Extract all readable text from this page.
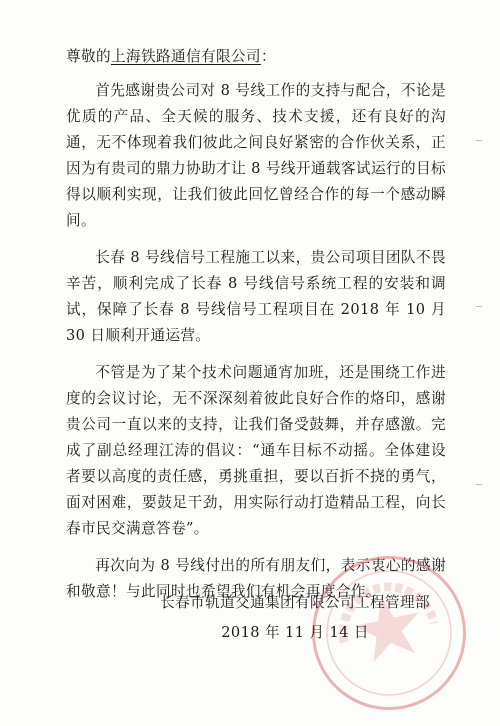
尊敬的上海铁路通信有限公司：

首先感谢贵公司对 8 号线工作的支持与配合，不论是优质的产品、全天候的服务、技术支援，还有良好的沟通，无不体现着我们彼此之间良好紧密的合作伙关系，正因为有贵司的鼎力协助才让 8 号线开通载客试运行的目标得以顺利实现，让我们彼此回忆曾经合作的每一个感动瞬间。

长春 8 号线信号工程施工以来，贵公司项目团队不畏辛苦，顺利完成了长春 8 号线信号系统工程的安装和调试，保障了长春 8 号线信号工程项目在 2018 年 10 月 30 日顺利开通运营。

不管是为了某个技术问题通宵加班，还是围绕工作进度的会议讨论，无不深深刻着彼此良好合作的烙印，感谢贵公司一直以来的支持，让我们备受鼓舞，并存感激。完成了副总经理江涛的倡议：“通车目标不动摇。全体建设者要以高度的责任感，勇挑重担，要以百折不挠的勇气，面对困难，要鼓足干劲，用实际行动打造精品工程，向长春市民交满意答卷”。

再次向为 8 号线付出的所有朋友们，表示衷心的感谢和敬意！与此同时也希望我们有机会再度合作。

长春市轨道交通集团有限公司工程管理部
2018 年 11 月 14 日
